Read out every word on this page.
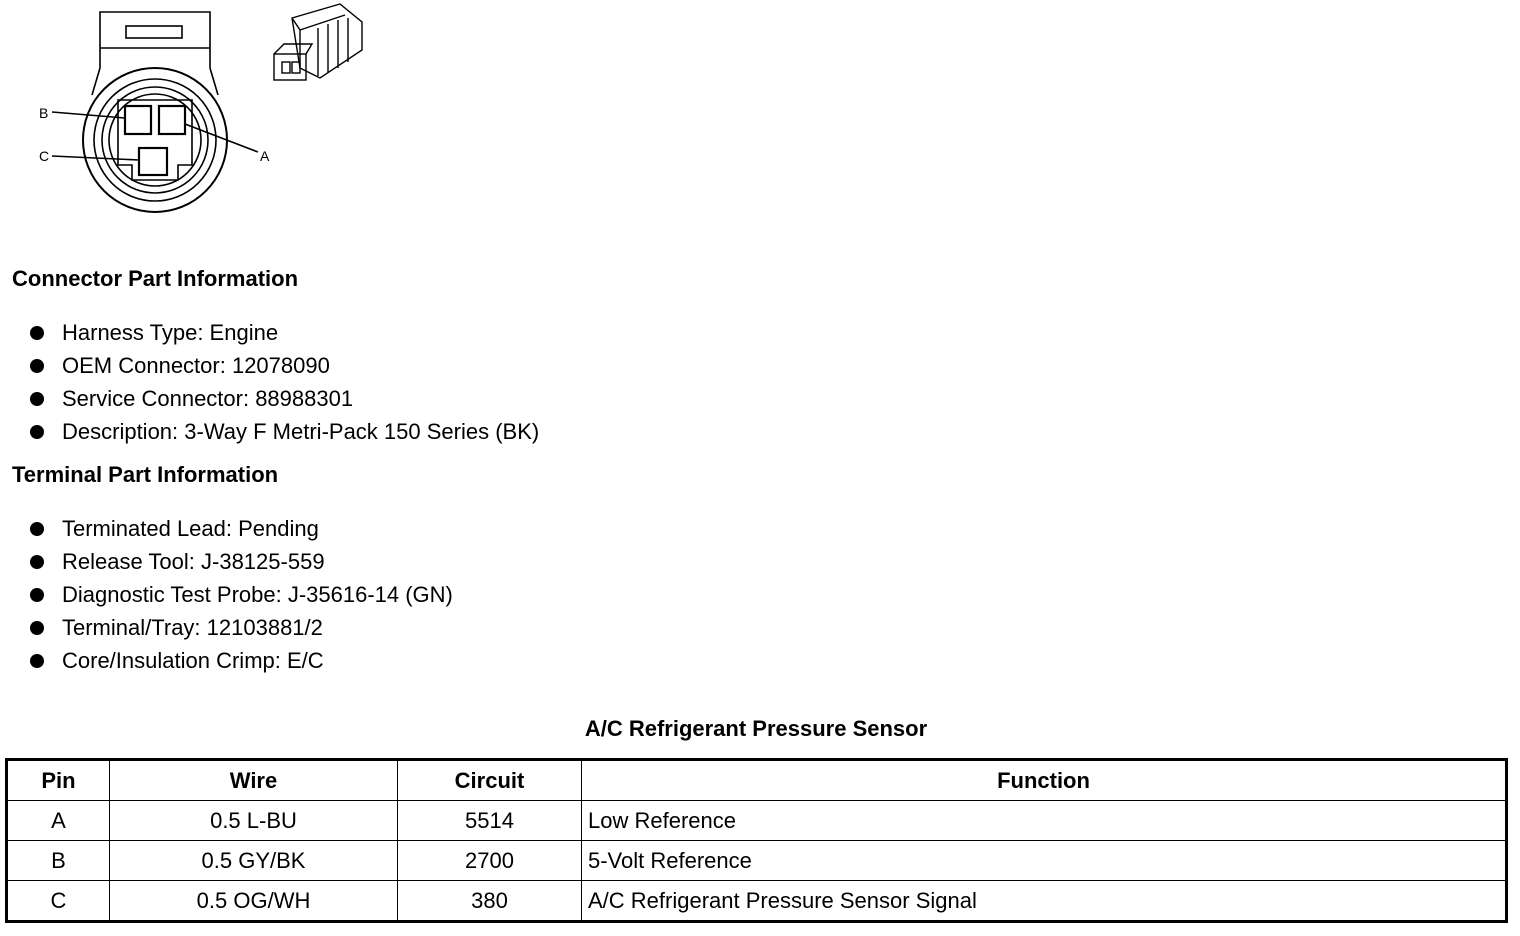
B
C	A
Connector Part Information
Harness Type: Engine
OEM Connector: 12078090
Service Connector: 88988301
Description: 3-Way F Metri-Pack 150 Series (BK)
Terminal Part Information
Terminated Lead: Pending
Release Tool: J-38125-559
Diagnostic Test Probe: J-35616-14 (GN)
Terminal/Tray: 12103881/2
Core/Insulation Crimp: E/C
A/C Refrigerant Pressure Sensor
Pin	Wire	Circuit	Function
A	0.5 L-BU	5514	Low Reference
B	0.5 GY/BK	2700	5-Volt Reference
C	0.5 OG/WH	380	A/C Refrigerant Pressure Sensor Signal
